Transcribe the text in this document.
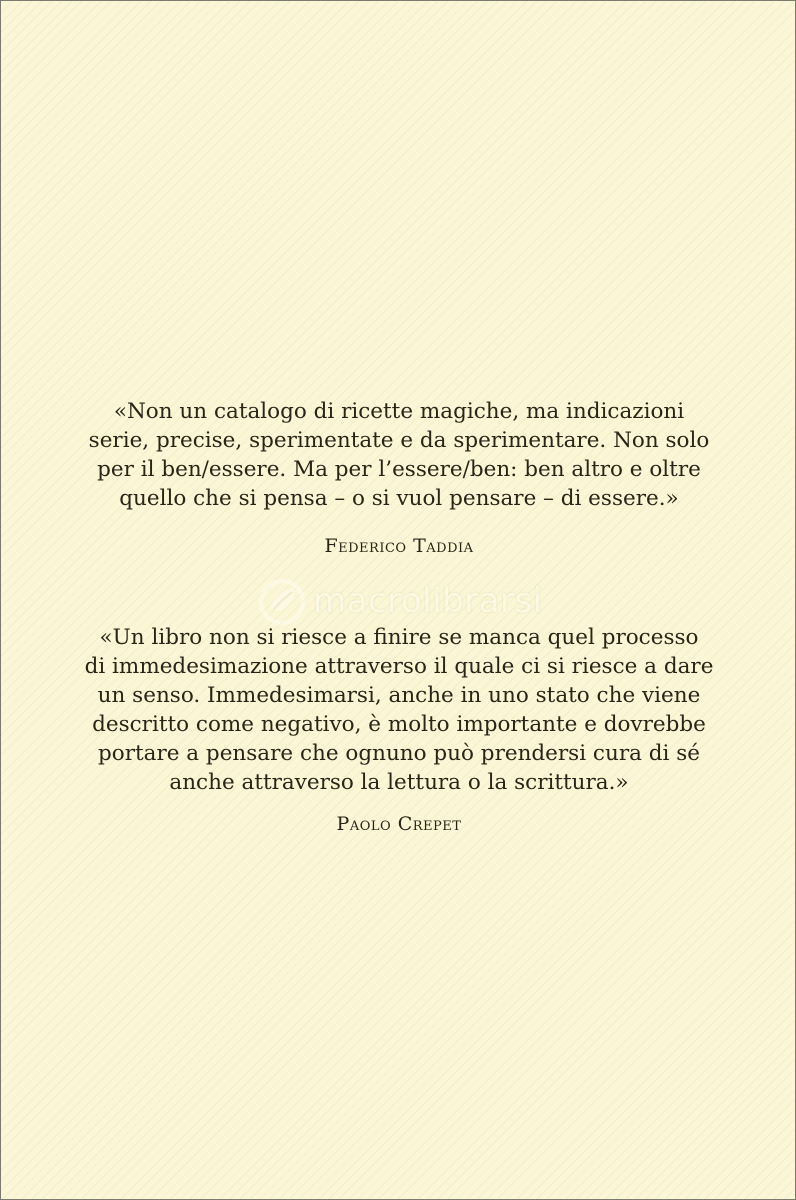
«Non un catalogo di ricette magiche, ma indicazioni
serie, precise, sperimentate e da sperimentare. Non solo
per il ben/essere. Ma per l’essere/ben: ben altro e oltre
quello che si pensa – o si vuol pensare – di essere.»
Federico Taddia
macrolibrarsi
«Un libro non si riesce a finire se manca quel processo
di immedesimazione attraverso il quale ci si riesce a dare
un senso. Immedesimarsi, anche in uno stato che viene
descritto come negativo, è molto importante e dovrebbe
portare a pensare che ognuno può prendersi cura di sé
anche attraverso la lettura o la scrittura.»
Paolo Crepet
